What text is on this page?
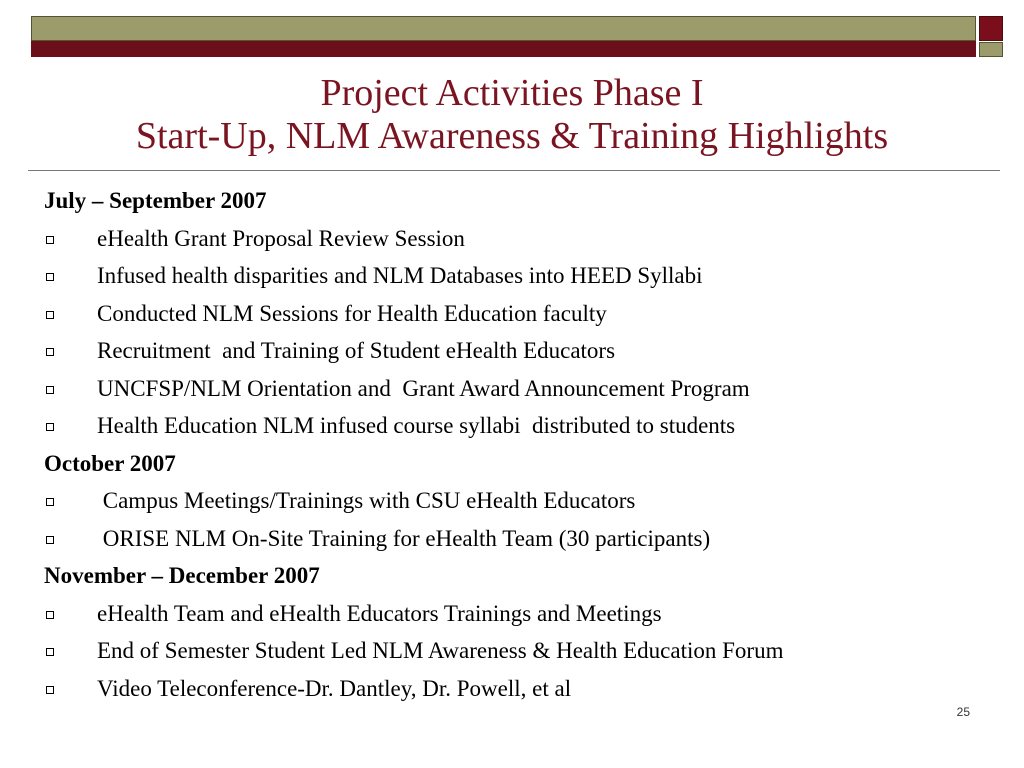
Project Activities Phase I
Start-Up, NLM Awareness & Training Highlights
July – September 2007
eHealth Grant Proposal Review Session
Infused health disparities and NLM Databases into HEED Syllabi
Conducted NLM Sessions for Health Education faculty
Recruitment  and Training of Student eHealth Educators
UNCFSP/NLM Orientation and  Grant Award Announcement Program
Health Education NLM infused course syllabi  distributed to students
October 2007
Campus Meetings/Trainings with CSU eHealth Educators
ORISE NLM On-Site Training for eHealth Team (30 participants)
November – December 2007
eHealth Team and eHealth Educators Trainings and Meetings
End of Semester Student Led NLM Awareness & Health Education Forum
Video Teleconference-Dr. Dantley, Dr. Powell, et al
25
